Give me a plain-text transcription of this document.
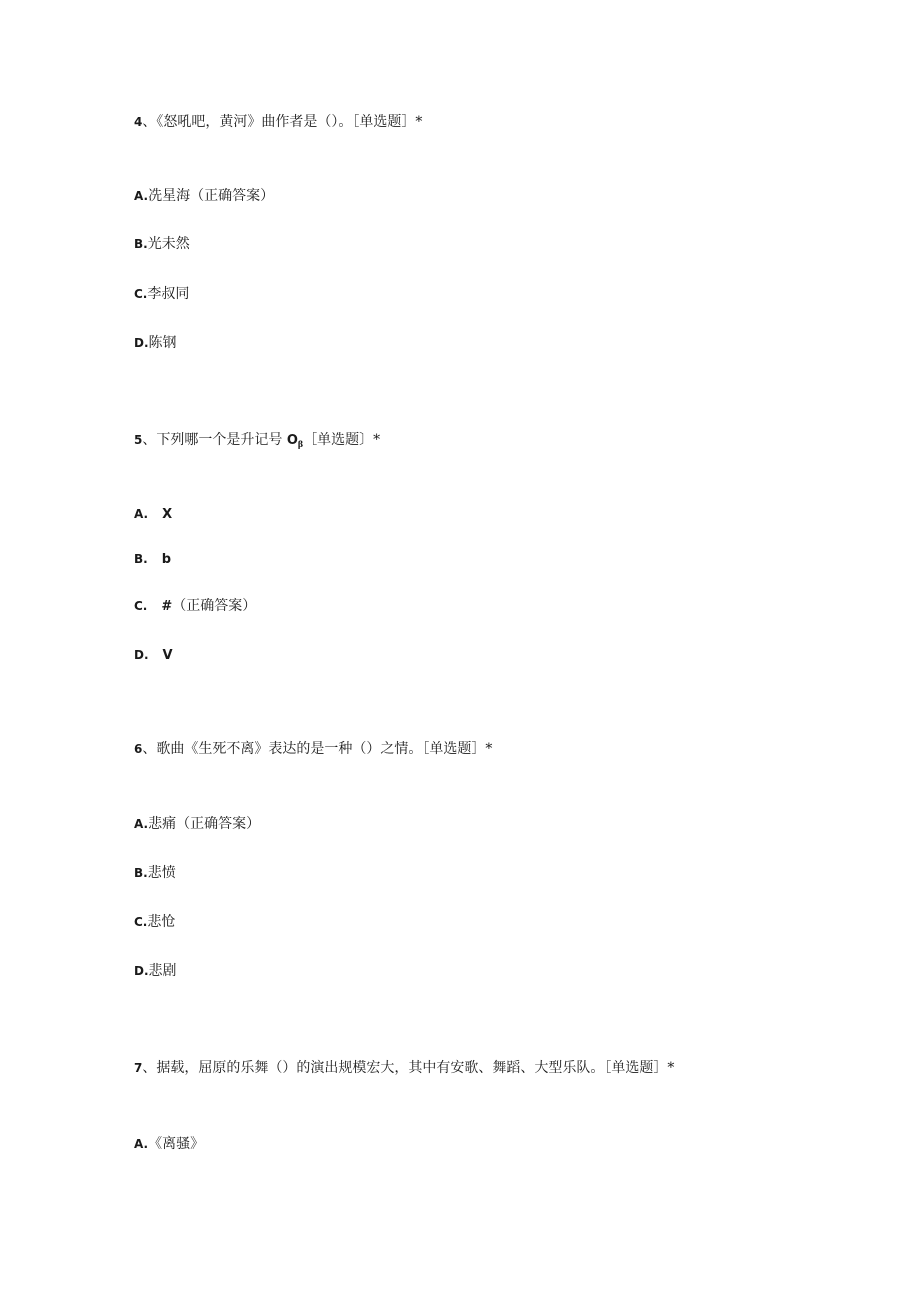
4、《怒吼吧，黄河》曲作者是（）。［单选题］*
A.冼星海（正确答案）
B.光未然
C.李叔同
D.陈钢
5、下列哪一个是升记号 $O_\beta[$单选题〕*
A. X
B. b
C. #（正确答案）
D. V
6、歌曲《生死不离》表达的是一种（）之情。［单选题］*
A.悲痛（正确答案）
B.悲愤
C.悲怆
D.悲剧
7、据载，屈原的乐舞（）的演出规模宏大，其中有安歌、舞蹈、大型乐队。［单选题］*
A.《离骚》
